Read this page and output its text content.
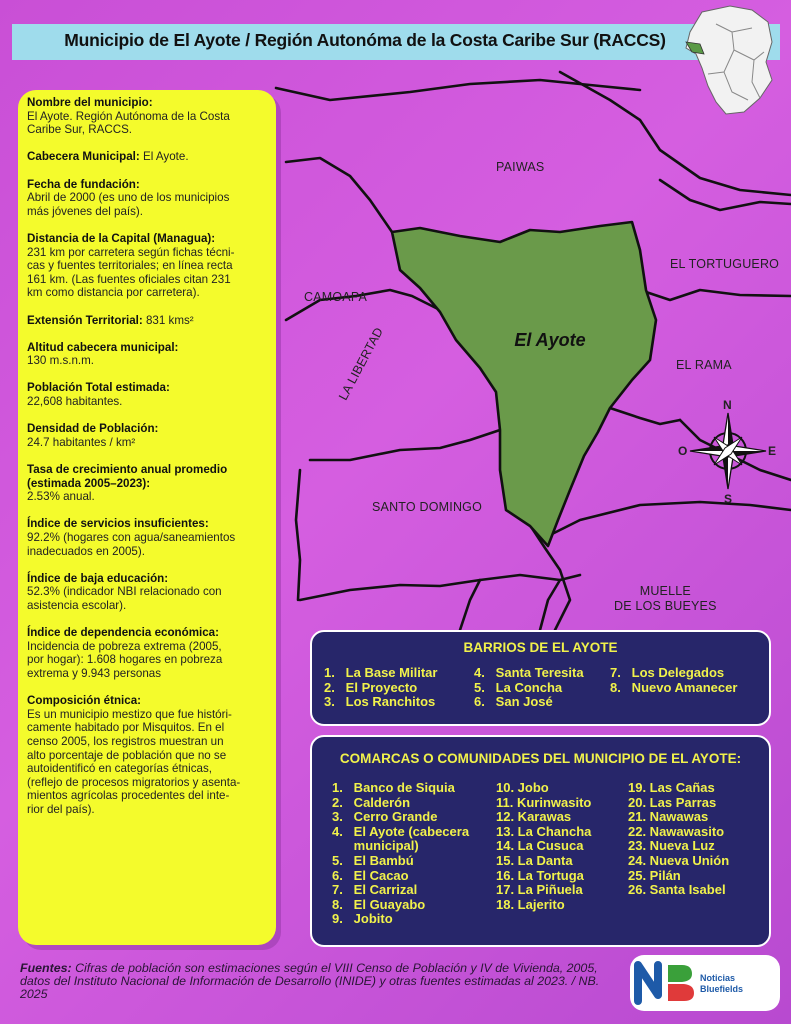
Municipio de El Ayote / Región Autonóma de la Costa Caribe Sur (RACCS)
El Ayote
PAIWAS
EL TORTUGUERO
CAMOAPA
EL RAMA
LA LIBERTAD
SANTO DOMINGO
MUELLE
DE LOS BUEYES
N
S
E
O
Nombre del municipio:
El Ayote. Región Autónoma de la Costa
Caribe Sur, RACCS.
Cabecera Municipal: El Ayote.
Fecha de fundación:
Abril de 2000 (es uno de los municipios
más jóvenes del país).
Distancia de la Capital (Managua):
231 km por carretera según fichas técni-
cas y fuentes territoriales; en línea recta
161 km. (Las fuentes oficiales citan 231
km como distancia por carretera).
Extensión Territorial: 831 kms²
Altitud cabecera municipal:
130 m.s.n.m.
Población Total estimada:
22,608 habitantes.
Densidad de Población:
24.7 habitantes / km²
Tasa de crecimiento anual promedio
(estimada 2005–2023):
2.53% anual.
Índice de servicios insuficientes:
92.2% (hogares con agua/saneamientos
inadecuados en 2005).
Índice de baja educación:
52.3% (indicador NBI relacionado con
asistencia escolar).
Índice de dependencia económica:
Incidencia de pobreza extrema (2005,
por hogar): 1.608 hogares en pobreza
extrema y 9.943 personas
Composición étnica:
Es un municipio mestizo que fue históri-
camente habitado por Misquitos. En el
censo 2005, los registros muestran un
alto porcentaje de población que no se
autoidentificó en categorías étnicas,
(reflejo de procesos migratorios y asenta-
mientos agrícolas procedentes del inte-
rior del país).
BARRIOS DE EL AYOTE
1.   La Base Militar
2.   El Proyecto
3.   Los Ranchitos
4.   Santa Teresita
5.   La Concha
6.   San José
7.   Los Delegados
8.   Nuevo Amanecer
COMARCAS O COMUNIDADES DEL MUNICIPIO DE EL AYOTE:
1.   Banco de Siquia
2.   Calderón
3.   Cerro Grande
4.   El Ayote (cabecera
municipal)
5.   El Bambú
6.   El Cacao
7.   El Carrizal
8.   El Guayabo
9.   Jobito
10. Jobo
11. Kurinwasito
12. Karawas
13. La Chancha
14. La Cusuca
15. La Danta
16. La Tortuga
17. La Piñuela
18. Lajerito
19. Las Cañas
20. Las Parras
21. Nawawas
22. Nawawasito
23. Nueva Luz
24. Nueva Unión
25. Pilán
26. Santa Isabel
Fuentes: Cifras de población son estimaciones según el VIII Censo de Población y IV de Vivienda, 2005, datos del Instituto Nacional de Información de Desarrollo (INIDE) y otras fuentes estimadas al 2023. / NB. 2025
Noticias
Bluefields
